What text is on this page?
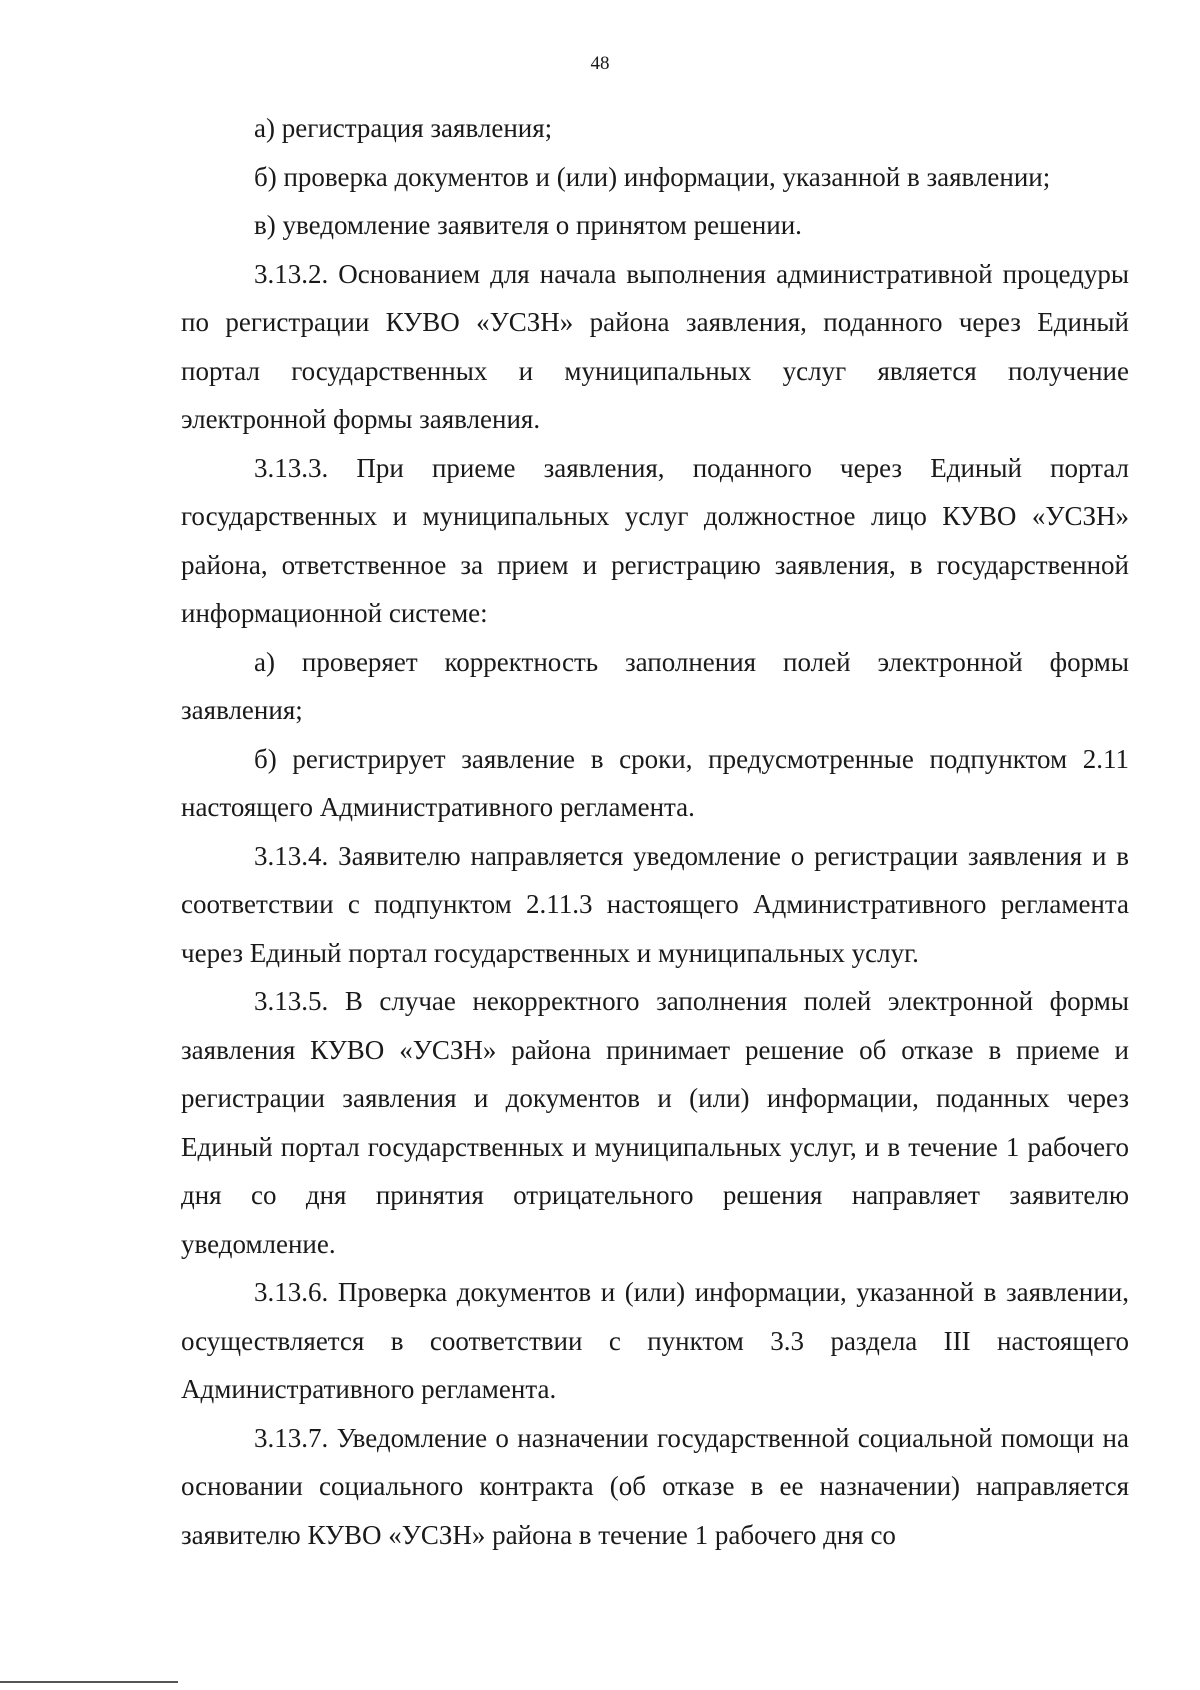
48

а) регистрация заявления;

б) проверка документов и (или) информации, указанной в заявлении;

в) уведомление заявителя о принятом решении.

3.13.2. Основанием для начала выполнения административной процедуры по регистрации КУВО «УСЗН» района заявления, поданного через Единый портал государственных и муниципальных услуг является получение электронной формы заявления.

3.13.3. При приеме заявления, поданного через Единый портал государственных и муниципальных услуг должностное лицо КУВО «УСЗН» района, ответственное за прием и регистрацию заявления, в государственной информационной системе:

а) проверяет корректность заполнения полей электронной формы заявления;

б) регистрирует заявление в сроки, предусмотренные подпунктом 2.11 настоящего Административного регламента.

3.13.4. Заявителю направляется уведомление о регистрации заявления и в соответствии с подпунктом 2.11.3 настоящего Административного регламента через Единый портал государственных и муниципальных услуг.

3.13.5. В случае некорректного заполнения полей электронной формы заявления КУВО «УСЗН» района принимает решение об отказе в приеме и регистрации заявления и документов и (или) информации, поданных через Единый портал государственных и муниципальных услуг, и в течение 1 рабочего дня со дня принятия отрицательного решения направляет заявителю уведомление.

3.13.6. Проверка документов и (или) информации, указанной в заявлении, осуществляется в соответствии с пунктом 3.3 раздела III настоящего Административного регламента.

3.13.7. Уведомление о назначении государственной социальной помощи на основании социального контракта (об отказе в ее назначении) направляется заявителю КУВО «УСЗН» района в течение 1 рабочего дня со
